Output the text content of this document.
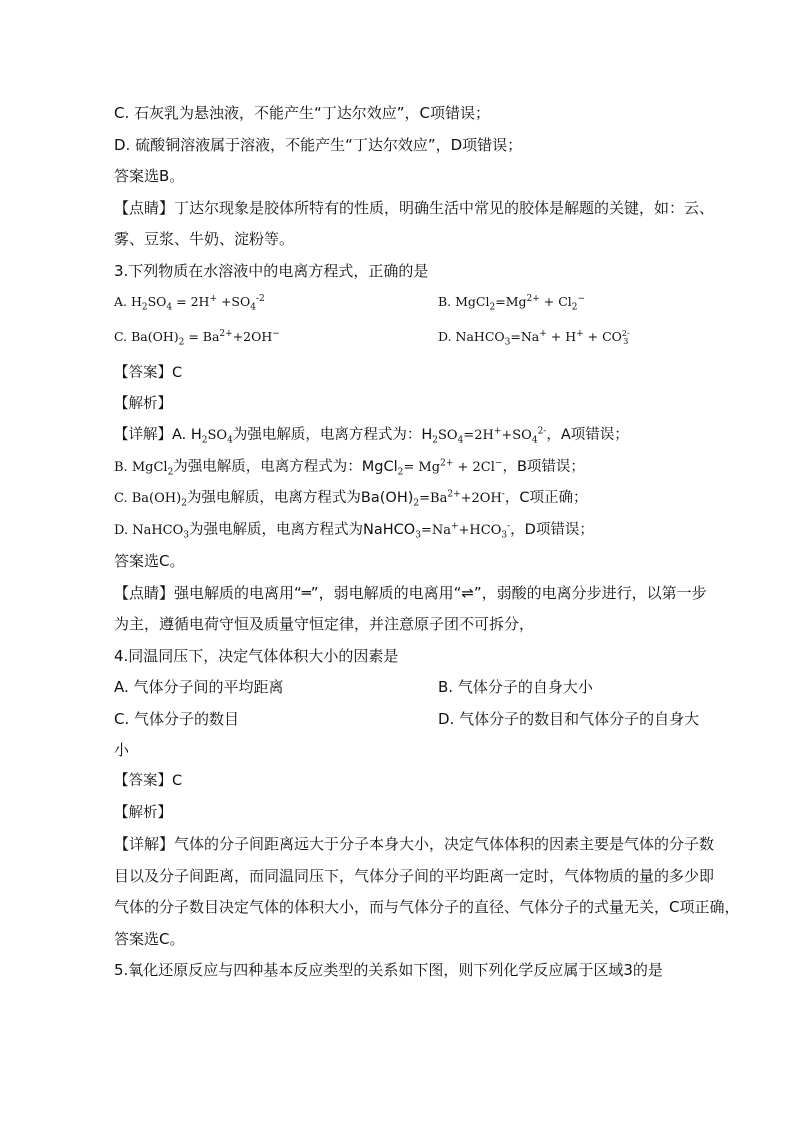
C. 石灰乳为悬浊液，不能产生“丁达尔效应”，C项错误；
D. 硫酸铜溶液属于溶液，不能产生“丁达尔效应”，D项错误；
答案选B。
【点睛】丁达尔现象是胶体所特有的性质，明确生活中常见的胶体是解题的关键，如：云、
雾、豆浆、牛奶、淀粉等。
3.下列物质在水溶液中的电离方程式，正确的是
A. $H_2SO_4 = 2H^+ +SO_4^{-2}$	B. $MgCl_2=Mg^{2+} + Cl_2^-$
C. $Ba(OH)_2 = Ba^{2+}+2OH^-$	D. NaHCO$_3$=Na+ + H+ + CO 2-
3
【答案】C
【解析】
【详解】A. $H_2SO_4$为强电解质，电离方程式为：$H_2SO_4=2H^++SO_4^{2-}$，A项错误；
B. MgCl$_2$为强电解质，电离方程式为：MgCl$_2$= $Mg^{2+} + 2Cl^-$，B项错误；
C. $Ba(OH)_2$为强电解质，电离方程式为$Ba(OH)_2=Ba^{2+}+2OH^-$，C项正确；
D. NaHCO$_3$为强电解质，电离方程式为$NaHCO_3=Na^++HCO_3^-$，D项错误；
答案选C。
【点睛】强电解质的电离用“═”，弱电解质的电离用“⇌”，弱酸的电离分步进行，以第一步
为主，遵循电荷守恒及质量守恒定律，并注意原子团不可拆分，
4.同温同压下，决定气体体积大小的因素是
A. 气体分子间的平均距离	B. 气体分子的自身大小
C. 气体分子的数目	D. 气体分子的数目和气体分子的自身大
小
【答案】C
【解析】
【详解】气体的分子间距离远大于分子本身大小，决定气体体积的因素主要是气体的分子数
目以及分子间距离，而同温同压下，气体分子间的平均距离一定时，气体物质的量的多少即
气体的分子数目决定气体的体积大小，而与气体分子的直径、气体分子的式量无关，C项正确，
答案选C。
5.氧化还原反应与四种基本反应类型的关系如下图，则下列化学反应属于区域3的是
